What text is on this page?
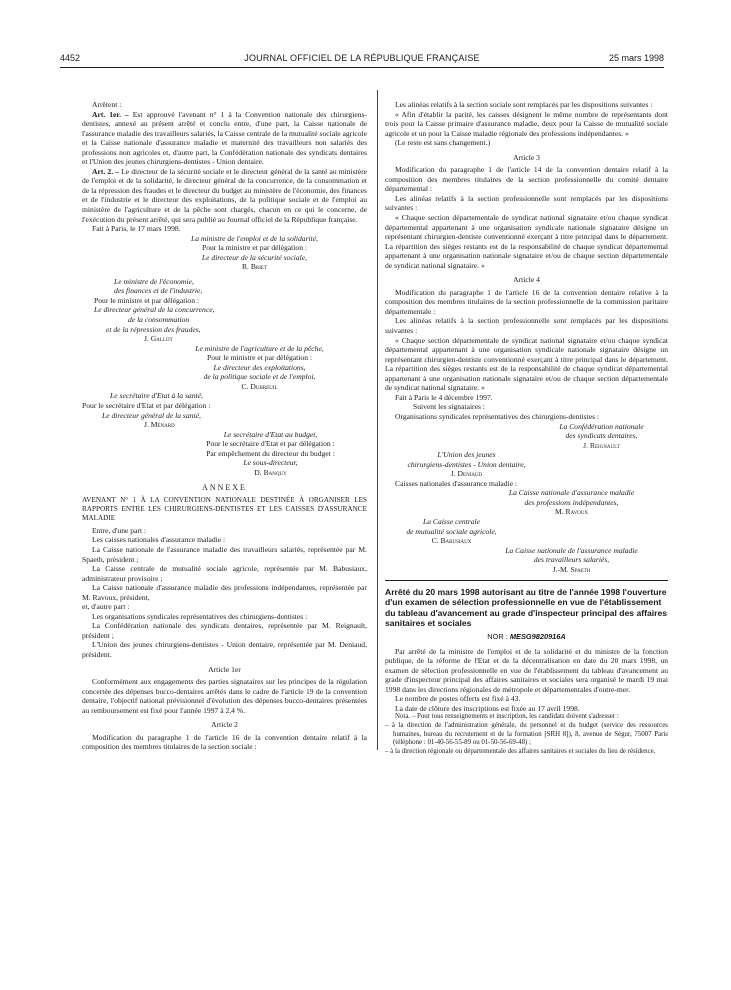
4452	JOURNAL OFFICIEL DE LA RÉPUBLIQUE FRANÇAISE	25 mars 1998

Arrêtent :

Art. 1er. – Est approuvé l'avenant n° 1 à la Convention nationale des chirurgiens-dentistes, annexé au présent arrêté et conclu entre, d'une part, la Caisse nationale de l'assurance maladie des travailleurs salariés, la Caisse centrale de la mutualité sociale agricole et la Caisse nationale d'assurance maladie et maternité des travailleurs non salariés des professions non agricoles et, d'autre part, la Confédération nationale des syndicats dentaires et l'Union des jeunes chirurgiens-dentistes - Union dentaire.

Art. 2. – Le directeur de la sécurité sociale et le directeur général de la santé au ministère de l'emploi et de la solidarité, le directeur général de la concurrence, de la consommation et de la répression des fraudes et le directeur du budget au ministère de l'économie, des finances et de l'industrie et le directeur des exploitations, de la politique sociale et de l'emploi au ministère de l'agriculture et de la pêche sont chargés, chacun en ce qui le concerne, de l'exécution du présent arrêté, qui sera publié au Journal officiel de la République française.

Fait à Paris, le 17 mars 1998.

La ministre de l'emploi et de la solidarité,

Pour la ministre et par délégation :

Le directeur de la sécurité sociale,

R. Briet

Le ministre de l'économie,

des finances et de l'industrie,

Pour le ministre et par délégation :

Le directeur général de la concurrence,

de la consommation

et de la répression des fraudes,

J. Gallot

Le ministre de l'agriculture et de la pêche,

Pour le ministre et par délégation :

Le directeur des exploitations,

de la politique sociale et de l'emploi,

C. Dubreuil

Le secrétaire d'Etat à la santé,

Pour le secrétaire d'Etat et par délégation :

Le directeur général de la santé,

J. Ménard

Le secrétaire d'Etat au budget,

Pour le secrétaire d'Etat et par délégation :

Par empêchement du directeur du budget :

Le sous-directeur,

D. Banquy

ANNEXE

AVENANT N° 1 À LA CONVENTION NATIONALE DESTINÉE À ORGANISER LES RAPPORTS ENTRE LES CHIRURGIENS-DENTISTES ET LES CAISSES D'ASSURANCE MALADIE

Entre, d'une part :

Les caisses nationales d'assurance maladie :

La Caisse nationale de l'assurance maladie des travailleurs salariés, représentée par M. Spaeth, président ;

La Caisse centrale de mutualité sociale agricole, représentée par M. Babusiaux, administrateur provisoire ;

La Caisse nationale d'assurance maladie des professions indépendantes, représentée par M. Ravoux, président,

et, d'autre part :

Les organisations syndicales représentatives des chirurgiens-dentistes :

La Confédération nationale des syndicats dentaires, représentée par M. Reignault, président ;

L'Union des jeunes chirurgiens-dentistes - Union dentaire, représentée par M. Deniaud, président.

Article 1er

Conformément aux engagements des parties signataires sur les principes de la régulation concertée des dépenses bucco-dentaires arrêtés dans le cadre de l'article 19 de la convention dentaire, l'objectif national prévisionnel d'évolution des dépenses bucco-dentaires présentées au remboursement est fixé pour l'année 1997 à 2,4 %.

Article 2

Modification du paragraphe 1 de l'article 16 de la convention dentaire relatif à la composition des membres titulaires de la section sociale :

Les alinéas relatifs à la section sociale sont remplacés par les dispositions suivantes :

« Afin d'établir la parité, les caisses désignent le même nombre de représentants dont trois pour la Caisse primaire d'assurance maladie, deux pour la Caisse de mutualité sociale agricole et un pour la Caisse maladie régionale des professions indépendantes. »

(Le reste est sans changement.)

Article 3

Modification du paragraphe 1 de l'article 14 de la convention dentaire relatif à la composition des membres titulaires de la section professionnelle du comité dentaire départemental :

Les alinéas relatifs à la section professionnelle sont remplacés par les dispositions suivantes :

« Chaque section départementale de syndicat national signataire et/ou chaque syndicat départemental appartenant à une organisation syndicale nationale signataire désigne un représentant chirurgien-dentiste conventionné exerçant à titre principal dans le département. La répartition des sièges restants est de la responsabilité de chaque syndicat départemental appartenant à une organisation nationale signataire et/ou de chaque section départementale de syndicat national signataire. »

Article 4

Modification du paragraphe 1 de l'article 16 de la convention dentaire relative à la composition des membres titulaires de la section professionnelle de la commission paritaire départementale :

Les alinéas relatifs à la section professionnelle sont remplacés par les dispositions suivantes :

« Chaque section départementale de syndicat national signataire et/ou chaque syndicat départemental appartenant à une organisation syndicale nationale signataire désigne un représentant chirurgien-dentiste conventionné exerçant à titre principal dans le département. La répartition des sièges restants est de la responsabilité de chaque syndicat départemental appartenant à une organisation nationale signataire et/ou de chaque section départementale de syndicat national signataire. »

Fait à Paris le 4 décembre 1997.

Suivent les signataires :

Organisations syndicales représentatives des chirurgiens-dentistes :

La Confédération nationale

des syndicats dentaires,

J. Reignault

L'Union des jeunes

chirurgiens-dentistes - Union dentaire,

J. Deniaud

Caisses nationales d'assurance maladie :

La Caisse nationale d'assurance maladie

des professions indépendantes,

M. Ravoux

La Caisse centrale

de mutualité sociale agricole,

C. Babusiaux

La Caisse nationale de l'assurance maladie

des travailleurs salariés,

J.-M. Spaeth

Arrêté du 20 mars 1998 autorisant au titre de l'année 1998 l'ouverture d'un examen de sélection professionnelle en vue de l'établissement du tableau d'avancement au grade d'inspecteur principal des affaires sanitaires et sociales

NOR : MESG9820916A

Par arrêté de la ministre de l'emploi et de la solidarité et du ministre de la fonction publique, de la réforme de l'Etat et de la décentralisation en date du 20 mars 1998, un examen de sélection professionnelle en vue de l'établissement du tableau d'avancement au grade d'inspecteur principal des affaires sanitaires et sociales sera organisé le mardi 19 mai 1998 dans les directions régionales de métropole et départementales d'outre-mer.

Le nombre de postes offerts est fixé à 43.

La date de clôture des inscriptions est fixée au 17 avril 1998.

Nota. – Pour tous renseignements et inscription, les candidats doivent s'adresser :

– à la direction de l'administration générale, du personnel et du budget (service des ressources humaines, bureau du recrutement et de la formation [SRH 8]), 8, avenue de Ségur, 75007 Paris (téléphone : 01-40-56-55-89 ou 01-50-56-69-48) ;

– à la direction régionale ou départementale des affaires sanitaires et sociales du lieu de résidence.
